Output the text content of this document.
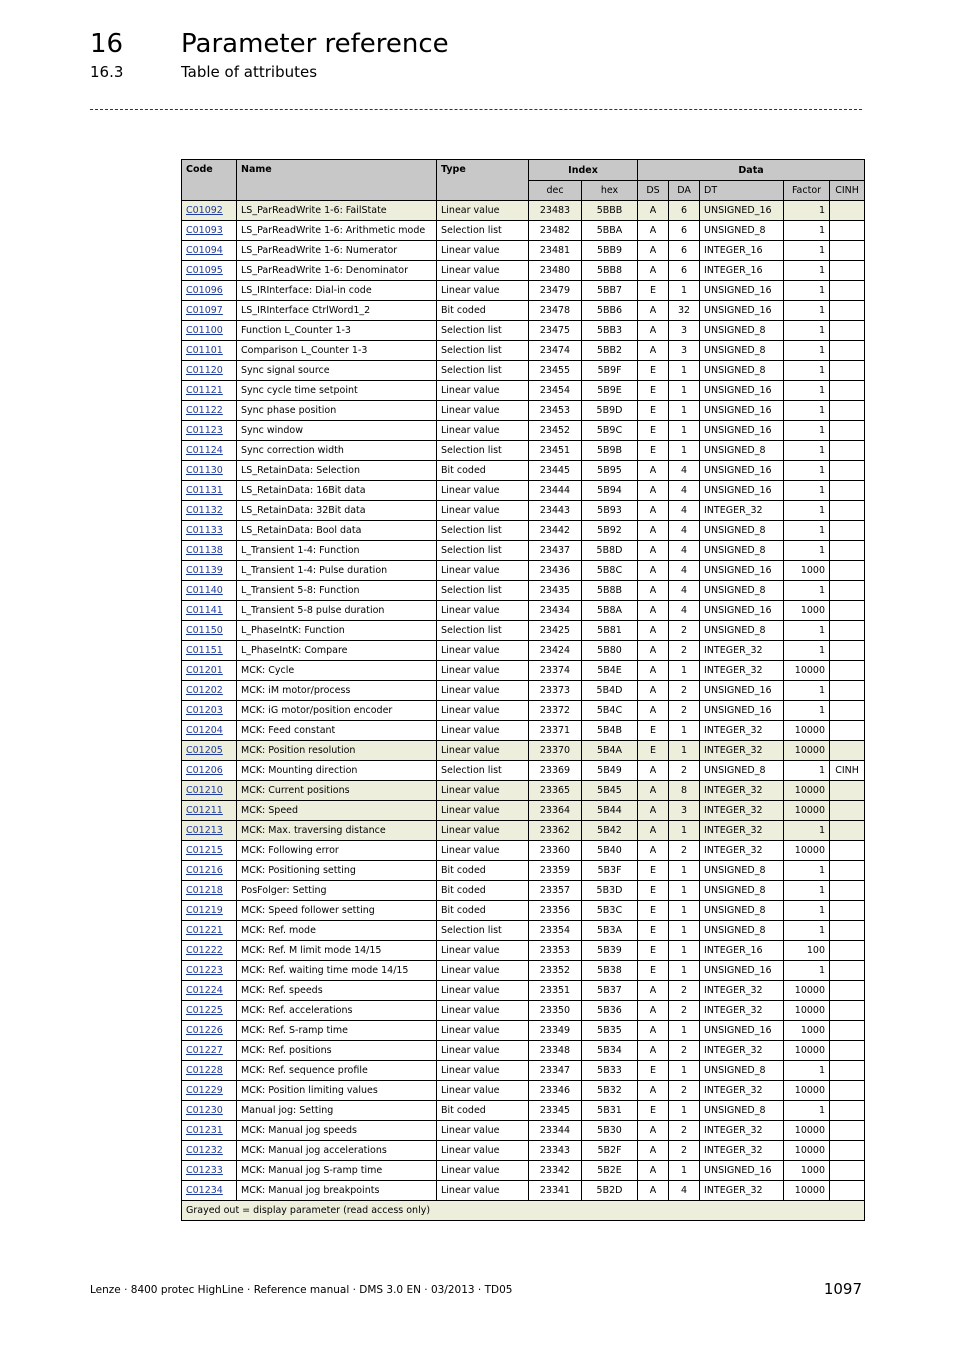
16 Parameter reference
16.3	Table of attributes
Code	Name	Type	Index		Data				
			dec	hex	DS	DA	DT	Factor	CINH
C01092	LS_ParReadWrite 1-6: FailState	Linear value	23483	5BBB	A	6	UNSIGNED_16	1	
C01093	LS_ParReadWrite 1-6: Arithmetic mode	Selection list	23482	5BBA	A	6	UNSIGNED_8	1	
C01094	LS_ParReadWrite 1-6: Numerator	Linear value	23481	5BB9	A	6	INTEGER_16	1	
C01095	LS_ParReadWrite 1-6: Denominator	Linear value	23480	5BB8	A	6	INTEGER_16	1	
C01096	LS_IRInterface: Dial-in code	Linear value	23479	5BB7	E	1	UNSIGNED_16	1	
C01097	LS_IRInterface CtrlWord1_2	Bit coded	23478	5BB6	A	32	UNSIGNED_16	1	
C01100	Function L_Counter 1-3	Selection list	23475	5BB3	A	3	UNSIGNED_8	1	
C01101	Comparison L_Counter 1-3	Selection list	23474	5BB2	A	3	UNSIGNED_8	1	
C01120	Sync signal source	Selection list	23455	5B9F	E	1	UNSIGNED_8	1	
C01121	Sync cycle time setpoint	Linear value	23454	5B9E	E	1	UNSIGNED_16	1	
C01122	Sync phase position	Linear value	23453	5B9D	E	1	UNSIGNED_16	1	
C01123	Sync window	Linear value	23452	5B9C	E	1	UNSIGNED_16	1	
C01124	Sync correction width	Selection list	23451	5B9B	E	1	UNSIGNED_8	1	
C01130	LS_RetainData: Selection	Bit coded	23445	5B95	A	4	UNSIGNED_16	1	
C01131	LS_RetainData: 16Bit data	Linear value	23444	5B94	A	4	UNSIGNED_16	1	
C01132	LS_RetainData: 32Bit data	Linear value	23443	5B93	A	4	INTEGER_32	1	
C01133	LS_RetainData: Bool data	Selection list	23442	5B92	A	4	UNSIGNED_8	1	
C01138	L_Transient 1-4: Function	Selection list	23437	5B8D	A	4	UNSIGNED_8	1	
C01139	L_Transient 1-4: Pulse duration	Linear value	23436	5B8C	A	4	UNSIGNED_16	1000	
C01140	L_Transient 5-8: Function	Selection list	23435	5B8B	A	4	UNSIGNED_8	1	
C01141	L_Transient 5-8 pulse duration	Linear value	23434	5B8A	A	4	UNSIGNED_16	1000	
C01150	L_PhaseIntK: Function	Selection list	23425	5B81	A	2	UNSIGNED_8	1	
C01151	L_PhaseIntK: Compare	Linear value	23424	5B80	A	2	INTEGER_32	1	
C01201	MCK: Cycle	Linear value	23374	5B4E	A	1	INTEGER_32	10000	
C01202	MCK: iM motor/process	Linear value	23373	5B4D	A	2	UNSIGNED_16	1	
C01203	MCK: iG motor/position encoder	Linear value	23372	5B4C	A	2	UNSIGNED_16	1	
C01204	MCK: Feed constant	Linear value	23371	5B4B	E	1	INTEGER_32	10000	
C01205	MCK: Position resolution	Linear value	23370	5B4A	E	1	INTEGER_32	10000	
C01206	MCK: Mounting direction	Selection list	23369	5B49	A	2	UNSIGNED_8	1	CINH
C01210	MCK: Current positions	Linear value	23365	5B45	A	8	INTEGER_32	10000	
C01211	MCK: Speed	Linear value	23364	5B44	A	3	INTEGER_32	10000	
C01213	MCK: Max. traversing distance	Linear value	23362	5B42	A	1	INTEGER_32	1	
C01215	MCK: Following error	Linear value	23360	5B40	A	2	INTEGER_32	10000	
C01216	MCK: Positioning setting	Bit coded	23359	5B3F	E	1	UNSIGNED_8	1	
C01218	PosFolger: Setting	Bit coded	23357	5B3D	E	1	UNSIGNED_8	1	
C01219	MCK: Speed follower setting	Bit coded	23356	5B3C	E	1	UNSIGNED_8	1	
C01221	MCK: Ref. mode	Selection list	23354	5B3A	E	1	UNSIGNED_8	1	
C01222	MCK: Ref. M limit mode 14/15	Linear value	23353	5B39	E	1	INTEGER_16	100	
C01223	MCK: Ref. waiting time mode 14/15	Linear value	23352	5B38	E	1	UNSIGNED_16	1	
C01224	MCK: Ref. speeds	Linear value	23351	5B37	A	2	INTEGER_32	10000	
C01225	MCK: Ref. accelerations	Linear value	23350	5B36	A	2	INTEGER_32	10000	
C01226	MCK: Ref. S-ramp time	Linear value	23349	5B35	A	1	UNSIGNED_16	1000	
C01227	MCK: Ref. positions	Linear value	23348	5B34	A	2	INTEGER_32	10000	
C01228	MCK: Ref. sequence profile	Linear value	23347	5B33	E	1	UNSIGNED_8	1	
C01229	MCK: Position limiting values	Linear value	23346	5B32	A	2	INTEGER_32	10000	
C01230	Manual jog: Setting	Bit coded	23345	5B31	E	1	UNSIGNED_8	1	
C01231	MCK: Manual jog speeds	Linear value	23344	5B30	A	2	INTEGER_32	10000	
C01232	MCK: Manual jog accelerations	Linear value	23343	5B2F	A	2	INTEGER_32	10000	
C01233	MCK: Manual jog S-ramp time	Linear value	23342	5B2E	A	1	UNSIGNED_16	1000	
C01234	MCK: Manual jog breakpoints	Linear value	23341	5B2D	A	4	INTEGER_32	10000	
Grayed out = display parameter (read access only)									
Lenze · 8400 protec HighLine · Reference manual · DMS 3.0 EN · 03/2013 · TD05	1097
